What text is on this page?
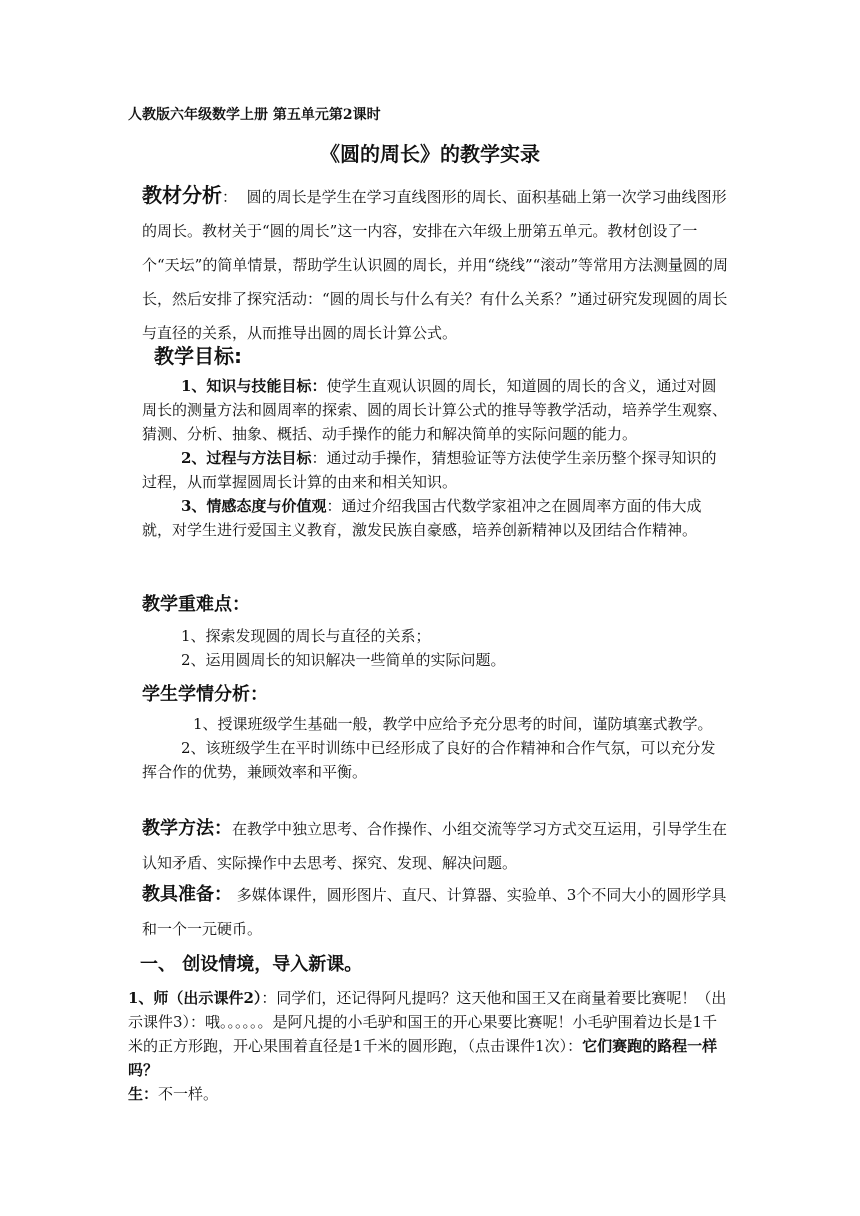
人教版六年级数学上册 第五单元第2课时
《圆的周长》的教学实录

教材分析： 圆的周长是学生在学习直线图形的周长、面积基础上第一次学习曲线图形的周长。教材关于“圆的周长”这一内容，安排在六年级上册第五单元。教材创设了一个“天坛”的简单情景，帮助学生认识圆的周长，并用“绕线”“滚动”等常用方法测量圆的周长，然后安排了探究活动：“圆的周长与什么有关？有什么关系？”通过研究发现圆的周长与直径的关系，从而推导出圆的周长计算公式。

教学目标:

1、知识与技能目标：使学生直观认识圆的周长，知道圆的周长的含义，通过对圆周长的测量方法和圆周率的探索、圆的周长计算公式的推导等教学活动，培养学生观察、猜测、分析、抽象、概括、动手操作的能力和解决简单的实际问题的能力。

2、过程与方法目标：通过动手操作，猜想验证等方法使学生亲历整个探寻知识的过程，从而掌握圆周长计算的由来和相关知识。

3、情感态度与价值观：通过介绍我国古代数学家祖冲之在圆周率方面的伟大成就，对学生进行爱国主义教育，激发民族自豪感，培养创新精神以及团结合作精神。

教学重难点：

1、探索发现圆的周长与直径的关系；

2、运用圆周长的知识解决一些简单的实际问题。

学生学情分析：

1、授课班级学生基础一般，教学中应给予充分思考的时间，谨防填塞式教学。

2、该班级学生在平时训练中已经形成了良好的合作精神和合作气氛，可以充分发挥合作的优势，兼顾效率和平衡。

教学方法：在教学中独立思考、合作操作、小组交流等学习方式交互运用，引导学生在认知矛盾、实际操作中去思考、探究、发现、解决问题。

教具准备： 多媒体课件，圆形图片、直尺、计算器、实验单、3个不同大小的圆形学具和一个一元硬币。

一、 创设情境，导入新课。

1、师（出示课件2）：同学们，还记得阿凡提吗？这天他和国王又在商量着要比赛呢！（出示课件3）：哦。。。。。。是阿凡提的小毛驴和国王的开心果要比赛呢！小毛驴围着边长是1千米的正方形跑，开心果围着直径是1千米的圆形跑，（点击课件1次）：它们赛跑的路程一样吗？

生：不一样。
